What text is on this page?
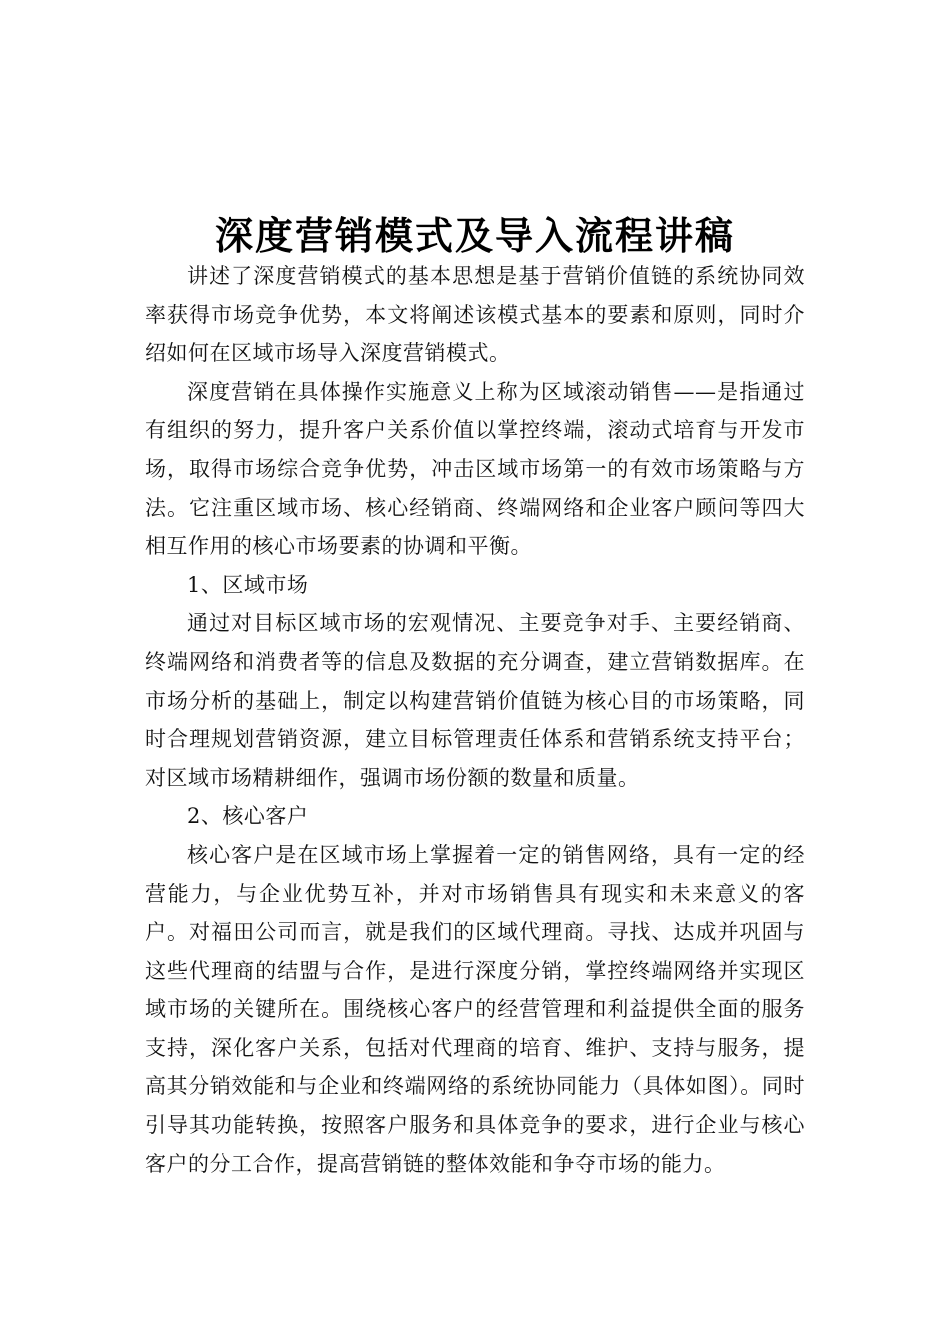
深度营销模式及导入流程讲稿

讲述了深度营销模式的基本思想是基于营销价值链的系统协同效率获得市场竞争优势，本文将阐述该模式基本的要素和原则，同时介绍如何在区域市场导入深度营销模式。

深度营销在具体操作实施意义上称为区域滚动销售——是指通过有组织的努力，提升客户关系价值以掌控终端，滚动式培育与开发市场，取得市场综合竞争优势，冲击区域市场第一的有效市场策略与方法。它注重区域市场、核心经销商、终端网络和企业客户顾问等四大相互作用的核心市场要素的协调和平衡。

1、区域市场

通过对目标区域市场的宏观情况、主要竞争对手、主要经销商、终端网络和消费者等的信息及数据的充分调查，建立营销数据库。在市场分析的基础上，制定以构建营销价值链为核心目的市场策略，同时合理规划营销资源，建立目标管理责任体系和营销系统支持平台；对区域市场精耕细作，强调市场份额的数量和质量。

2、核心客户

核心客户是在区域市场上掌握着一定的销售网络，具有一定的经营能力，与企业优势互补，并对市场销售具有现实和未来意义的客户。对福田公司而言，就是我们的区域代理商。寻找、达成并巩固与这些代理商的结盟与合作，是进行深度分销，掌控终端网络并实现区域市场的关键所在。围绕核心客户的经营管理和利益提供全面的服务支持，深化客户关系，包括对代理商的培育、维护、支持与服务，提高其分销效能和与企业和终端网络的系统协同能力（具体如图）。同时引导其功能转换，按照客户服务和具体竞争的要求，进行企业与核心客户的分工合作，提高营销链的整体效能和争夺市场的能力。
